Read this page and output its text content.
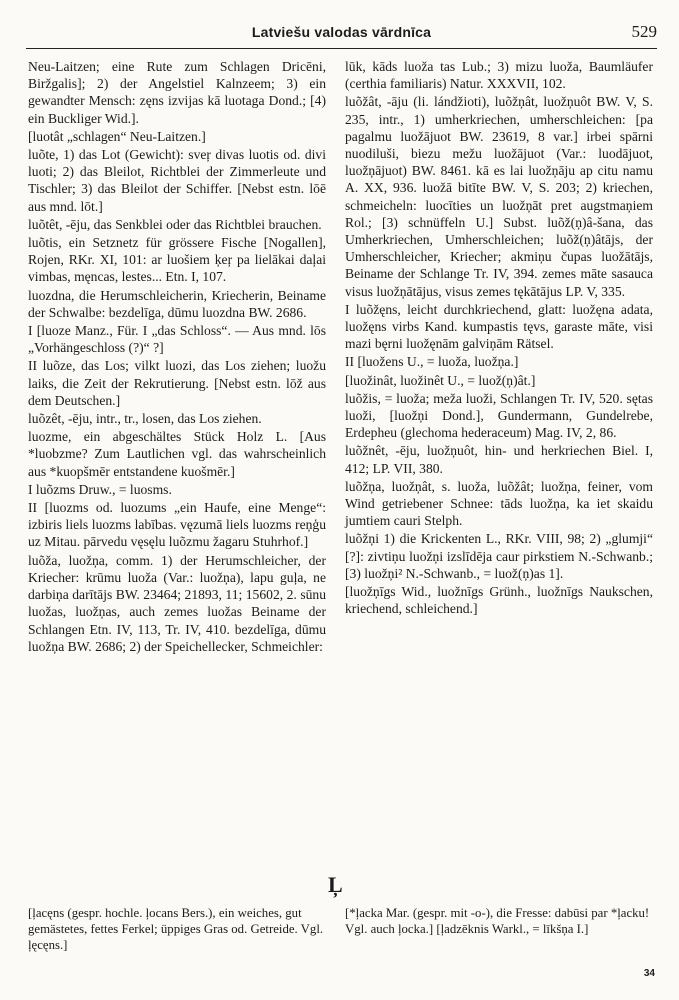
Latviešu valodas vārdnīca	529

Neu-Laitzen; eine Rute zum Schlagen Dricēni, Biržgalis]; 2) der Angelstiel Kalnzeem; 3) ein gewandter Mensch: zęns izvijas kā luotaga Dond.; [4) ein Buckliger Wid.].

[luotât „schlagen“ Neu-Laitzen.]

luõte, 1) das Lot (Gewicht): sveŗ divas luotis od. divi luoti; 2) das Bleilot, Richtblei der Zimmerleute und Tischler; 3) das Bleilot der Schiffer. [Nebst estn. lōē aus mnd. lōt.]

luõtêt, -ēju, das Senkblei oder das Richtblei brauchen.

luõtis, ein Setznetz für grössere Fische [Nogallen], Rojen, RKr. XI, 101: ar luošiem ķeŗ pa lielākai daļai vimbas, męncas, lestes... Etn. I, 107.

luozdna, die Herumschleicherin, Kriecherin, Beiname der Schwalbe: bezdelīga, dūmu luozdna BW. 2686.

I [luoze Manz., Für. I „das Schloss“. — Aus mnd. lōs „Vorhängeschloss (?)“ ?]

II luõze, das Los; vilkt luozi, das Los ziehen; luožu laiks, die Zeit der Rekrutierung. [Nebst estn. lōž aus dem Deutschen.]

luõzêt, -ēju, intr., tr., losen, das Los ziehen.

luozme, ein abgeschältes Stück Holz L. [Aus *luobzme? Zum Lautlichen vgl. das wahrscheinlich aus *kuopšmēr entstandene kuošmēr.]

I luõzms Druw., = luosms.

II [luozms od. luozums „ein Haufe, eine Menge“: izbiris liels luozms labības. vęzumā liels luozms reņģu uz Mitau. pārvedu vęsęlu luõzmu žagaru Stuhrhof.]

luõža, luožņa, comm. 1) der Herumschleicher, der Kriecher: krūmu luoža (Var.: luožņa), lapu guļa, ne darbiņa darītājs BW. 23464; 21893, 11; 15602, 2. sūnu luožas, luožņas, auch zemes luožas Beiname der Schlangen Etn. IV, 113, Tr. IV, 410. bezdelīga, dūmu luožņa BW. 2686; 2) der Speichellecker, Schmeichler:

lūk, kāds luoža tas Lub.; 3) mizu luoža, Baumläufer (certhia familiaris) Natur. XXXVII, 102.

luõžât, -āju (li. lándžioti), luõžņât, luožņuôt BW. V, S. 235, intr., 1) umherkriechen, umherschleichen: [pa pagalmu luožājuot BW. 23619, 8 var.] irbei spārni nuodiluši, biezu mežu luožājuot (Var.: luodājuot, luožņājuot) BW. 8461. kā es lai luožņāju ap citu namu A. XX, 936. luožā bitīte BW. V, S. 203; 2) kriechen, schmeicheln: luocīties un luožņāt pret augstmaņiem Rol.; [3) schnüffeln U.] Subst. luõž(ņ)â-šana, das Umherkriechen, Umherschleichen; luõž(ņ)âtājs, der Umherschleicher, Kriecher; akmiņu čupas luožātājs, Beiname der Schlange Tr. IV, 394. zemes māte sasauca visus luožņātājus, visus zemes tękātājus LP. V, 335.

I luõžęns, leicht durchkriechend, glatt: luožęna adata, luožęns virbs Kand. kumpastis tęvs, garaste māte, visi mazi bęrni luožęnām galviņām Rätsel.

II [luožens U., = luoža, luožņa.]

[luožinât, luožinêt U., = luož(ņ)ât.]

luõžis, = luoža; meža luoži, Schlangen Tr. IV, 520. sętas luoži, [luožņi Dond.], Gundermann, Gundelrebe, Erdepheu (glechoma hederaceum) Mag. IV, 2, 86.

luõžnêt, -ēju, luožņuôt, hin- und herkriechen Biel. I, 412; LP. VII, 380.

luõžņa, luožņât, s. luoža, luõžât; luožņa, feiner, vom Wind getriebener Schnee: tāds luožņa, ka iet skaidu jumtiem cauri Stelph.

luõžņi 1) die Krickenten L., RKr. VIII, 98; 2) „glumji“ [?]: zivtiņu luožņi izslīdēja caur pirkstiem N.-Schwanb.; [3) luožņi² N.-Schwanb., = luož(ņ)as 1].

[luožņīgs Wid., luožnīgs Grünh., luožnīgs Naukschen, kriechend, schleichend.]

Ļ
[ļacęns (gespr. hochle. ļocans Bers.), ein weiches, gut gemästetes, fettes Ferkel; üppiges Gras od. Getreide. Vgl. ļęcęns.]
[*ļacka Mar. (gespr. mit -o-), die Fresse: dabūsi par *ļacku! Vgl. auch ļocka.] [ļadzēknis Warkl., = līkšņa I.]
34
